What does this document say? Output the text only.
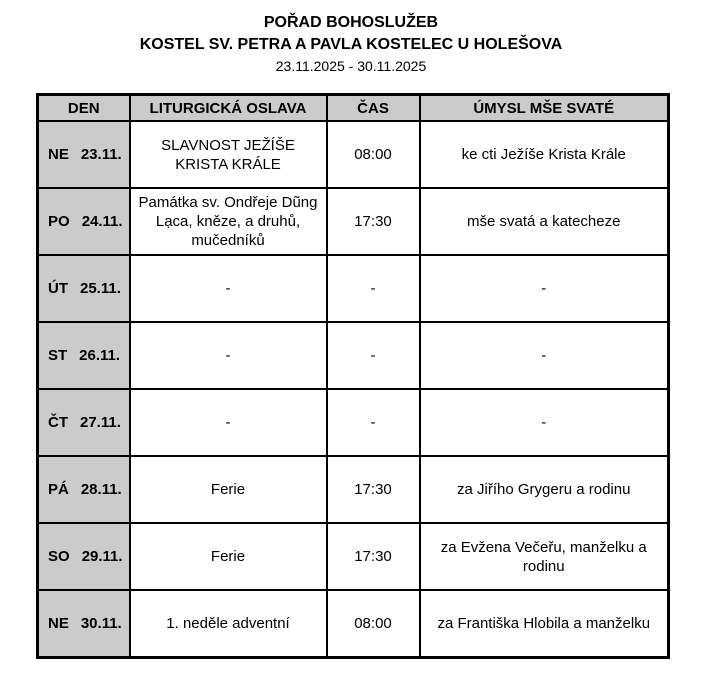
POŘAD BOHOSLUŽEB
KOSTEL SV. PETRA A PAVLA KOSTELEC U HOLEŠOVA
23.11.2025 - 30.11.2025
DEN	LITURGICKÁ OSLAVA	ČAS	ÚMYSL MŠE SVATÉ

NE 23.11.	SLAVNOST JEŽÍŠE KRISTA KRÁLE	08:00	ke cti Ježíše Krista Krále

PO 24.11.	Památka sv. Ondřeje Dũng Lạca, kněze, a druhů, mučedníků	17:30	mše svatá a katecheze

ÚT 25.11.	-	-	-

ST 26.11.	-	-	-

ČT 27.11.	-	-	-

PÁ 28.11.	Ferie	17:30	za Jiřího Grygeru a rodinu

SO 29.11.	Ferie	17:30	za Evžena Večeřu, manželku a rodinu

NE 30.11.	1. neděle adventní	08:00	za Františka Hlobila a manželku
